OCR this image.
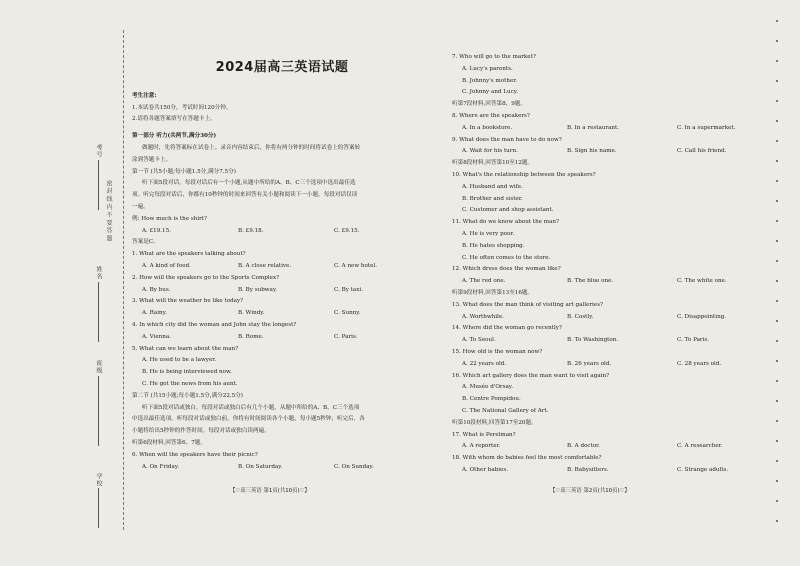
考号
姓名
班级
学校
密 封 线 内 不 要 答 题
2024届高三英语试题
考生注意:
1.本试卷共150分，考试时间120分钟。
2.请将各题答案填写在答题卡上。
第一部分 听力(共两节,满分30分)
做题时，先将答案标在试卷上。录音内容结束后，你将有两分钟的时间将试卷上的答案转
涂到答题卡上。
第一节 (共5小题;每小题1.5分,满分7.5分)
听下面5段对话。每段对话后有一个小题,从题中所给的A、B、C三个选项中选出最佳选
项。听完每段对话后，你都有10秒钟的时间来回答有关小题和阅读下一小题。每段对话仅读
一遍。
例: How much is the shirt?
A. £19.15.	B. £9.18.	C. £9.15.
答案是C。
1. What are the speakers talking about?
A. A kind of food.	B. A close relative.	C. A new hotel.
2. How will the speakers go to the Sports Complex?
A. By bus.	B. By subway.	C. By taxi.
3. What will the weather be like today?
A. Rainy.	B. Windy.	C. Sunny.
4. In which city did the woman and John stay the longest?
A. Vienna.	B. Rome.	C. Paris.
5. What can we learn about the man?
A. He used to be a lawyer.
B. He is being interviewed now.
C. He got the news from his aunt.
第二节 (共15小题;每小题1.5分,满分22.5分)
听下面5段对话或独白。每段对话或独白后有几个小题，从题中所给的A、B、C三个选项
中选出最佳选项。听每段对话或独白前，你将有时间阅读各个小题，每小题5秒钟；听完后，各
小题将给出5秒钟的作答时间。每段对话或独白读两遍。
听第6段材料,回答第6、7题。
6. When will the speakers have their picnic?
A. On Friday.	B. On Saturday.	C. On Sunday.
【♡高三英语 第1页(共10页)♡】
7. Who will go to the market?
A. Lucy's parents.
B. Johnny's mother.
C. Johnny and Lucy.
听第7段材料,回答第8、9题。
8. Where are the speakers?
A. In a bookstore.	B. In a restaurant.	C. In a supermarket.
9. What does the man have to do now?
A. Wait for his turn.	B. Sign his name.	C. Call his friend.
听第8段材料,回答第10至12题。
10. What's the relationship between the speakers?
A. Husband and wife.
B. Brother and sister.
C. Customer and shop assistant.
11. What do we know about the man?
A. He is very poor.
B. He hates shopping.
C. He often comes to the store.
12. Which dress does the woman like?
A. The red one.	B. The blue one.	C. The white one.
听第9段材料,回答第13至16题。
13. What does the man think of visiting art galleries?
A. Worthwhile.	B. Costly.	C. Disappointing.
14. Where did the woman go recently?
A. To Seoul.	B. To Washington.	C. To Paris.
15. How old is the woman now?
A. 22 years old.	B. 26 years old.	C. 28 years old.
16. Which art gallery does the man want to visit again?
A. Musée d'Orsay.
B. Centre Pompidou.
C. The National Gallery of Art.
听第10段材料,回答第17至20题。
17. What is Perelman?
A. A reporter.	B. A doctor.	C. A researcher.
18. With whom do babies feel the most comfortable?
A. Other babies.	B. Babysitters.	C. Strange adults.
【♡高三英语 第2页(共10页)♡】
